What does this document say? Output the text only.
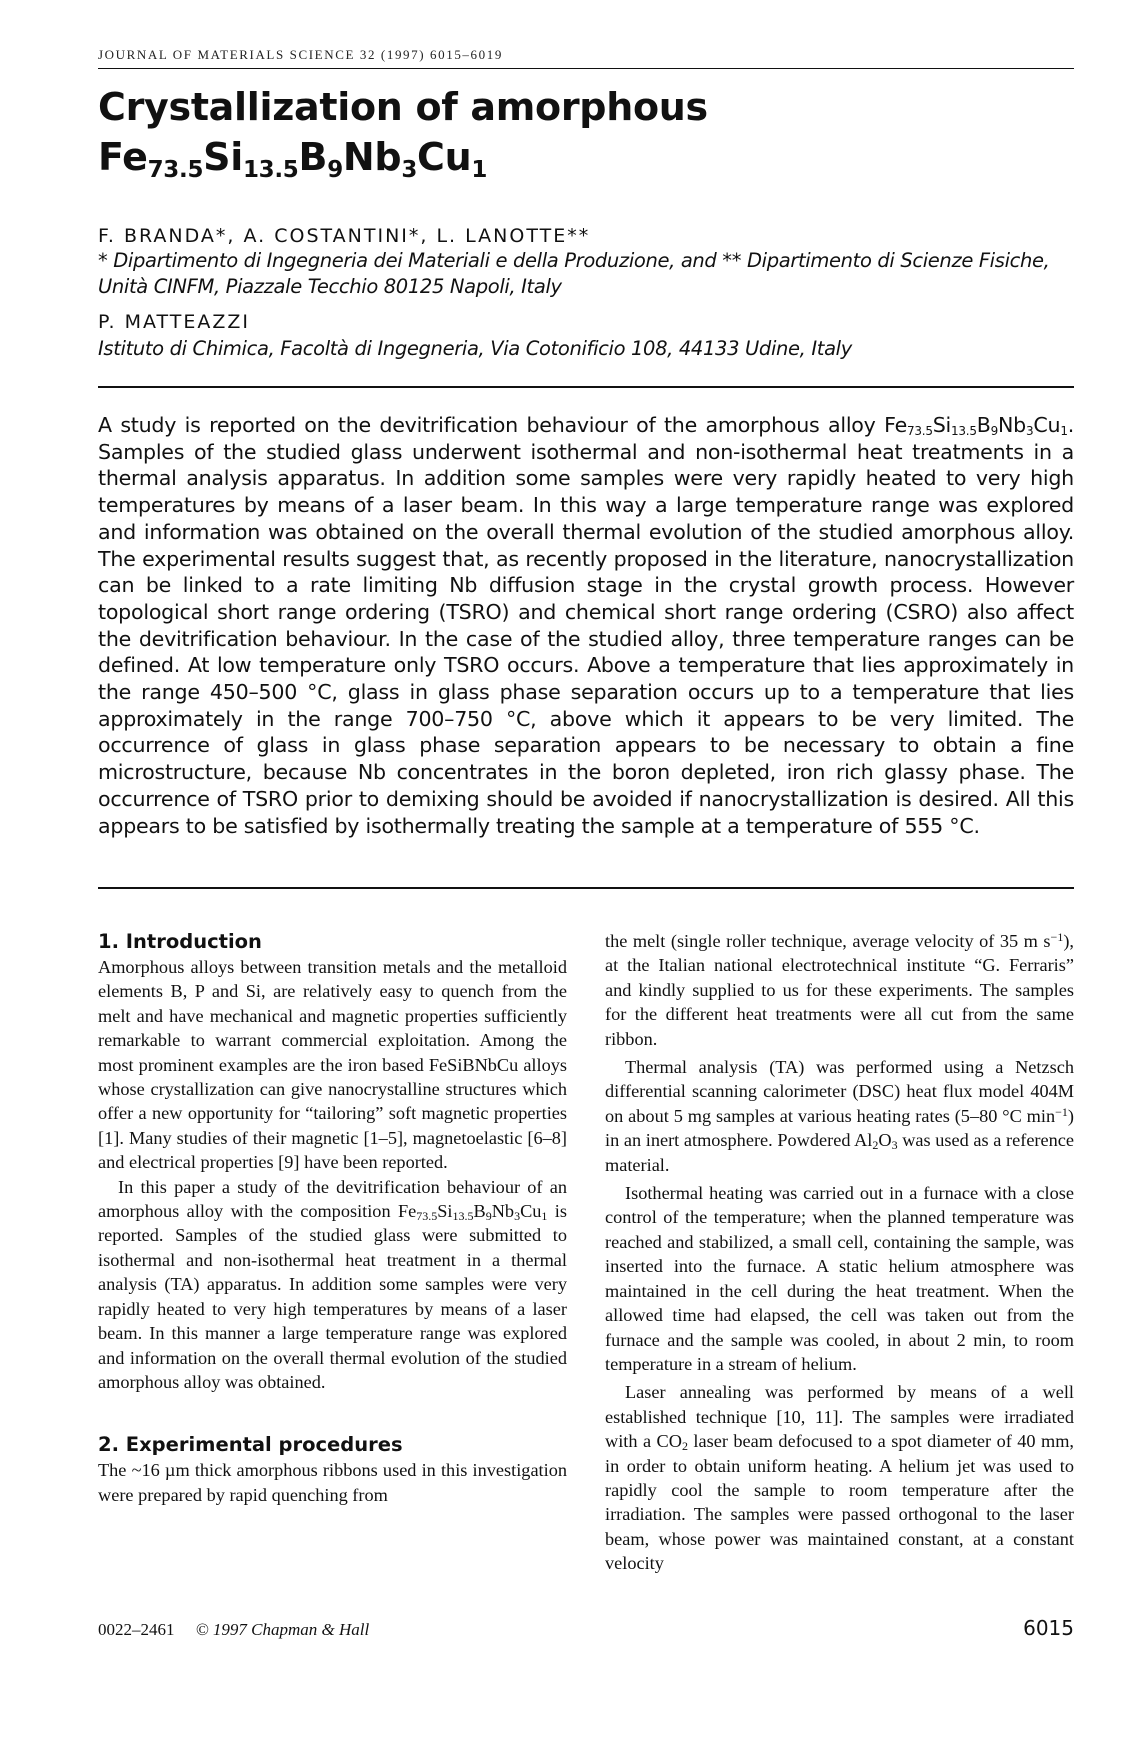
JOURNAL OF MATERIALS SCIENCE 32 (1997) 6015–6019
Crystallization of amorphous
$Fe_{73.5}Si_{13.5}B_9Nb_3Cu_1$
F. BRANDA*, A. COSTANTINI*, L. LANOTTE**
* Dipartimento di Ingegneria dei Materiali e della Produzione, and ** Dipartimento di Scienze Fisiche, Unità CINFM, Piazzale Tecchio 80125 Napoli, Italy
P. MATTEAZZI
Istituto di Chimica, Facoltà di Ingegneria, Via Cotonificio 108, 44133 Udine, Italy
A study is reported on the devitrification behaviour of the amorphous alloy $Fe_{73.5}Si_{13.5}B_9Nb_3Cu_1$. Samples of the studied glass underwent isothermal and non-isothermal heat treatments in a thermal analysis apparatus. In addition some samples were very rapidly heated to very high temperatures by means of a laser beam. In this way a large temperature range was explored and information was obtained on the overall thermal evolution of the studied amorphous alloy. The experimental results suggest that, as recently proposed in the literature, nanocrystallization can be linked to a rate limiting Nb diffusion stage in the crystal growth process. However topological short range ordering (TSRO) and chemical short range ordering (CSRO) also affect the devitrification behaviour. In the case of the studied alloy, three temperature ranges can be defined. At low temperature only TSRO occurs. Above a temperature that lies approximately in the range 450–500 °C, glass in glass phase separation occurs up to a temperature that lies approximately in the range 700–750 °C, above which it appears to be very limited. The occurrence of glass in glass phase separation appears to be necessary to obtain a fine microstructure, because Nb concentrates in the boron depleted, iron rich glassy phase. The occurrence of TSRO prior to demixing should be avoided if nanocrystallization is desired. All this appears to be satisfied by isothermally treating the sample at a temperature of 555 °C.
1. Introduction

Amorphous alloys between transition metals and the metalloid elements B, P and Si, are relatively easy to quench from the melt and have mechanical and magnetic properties sufficiently remarkable to warrant commercial exploitation. Among the most prominent examples are the iron based FeSiBNbCu alloys whose crystallization can give nanocrystalline structures which offer a new opportunity for “tailoring” soft magnetic properties [1]. Many studies of their magnetic [1–5], magnetoelastic [6–8] and electrical properties [9] have been reported.

In this paper a study of the devitrification behaviour of an amorphous alloy with the composition $Fe_{73.5}Si_{13.5}B_9Nb_3Cu_1$ is reported. Samples of the studied glass were submitted to isothermal and non-isothermal heat treatment in a thermal analysis (TA) apparatus. In addition some samples were very rapidly heated to very high temperatures by means of a laser beam. In this manner a large temperature range was explored and information on the overall thermal evolution of the studied amorphous alloy was obtained.

2. Experimental procedures

The ~16 µm thick amorphous ribbons used in this investigation were prepared by rapid quenching from

the melt (single roller technique, average velocity of 35 m $s^{-1}$), at the Italian national electrotechnical institute “G. Ferraris” and kindly supplied to us for these experiments. The samples for the different heat treatments were all cut from the same ribbon.

Thermal analysis (TA) was performed using a Netzsch differential scanning calorimeter (DSC) heat flux model 404M on about 5 mg samples at various heating rates (5–80 °C $\min^{-1}$) in an inert atmosphere. Powdered $Al_2O_3$ was used as a reference material.

Isothermal heating was carried out in a furnace with a close control of the temperature; when the planned temperature was reached and stabilized, a small cell, containing the sample, was inserted into the furnace. A static helium atmosphere was maintained in the cell during the heat treatment. When the allowed time had elapsed, the cell was taken out from the furnace and the sample was cooled, in about 2 min, to room temperature in a stream of helium.

Laser annealing was performed by means of a well established technique [10, 11]. The samples were irradiated with a $CO_2$ laser beam defocused to a spot diameter of 40 mm, in order to obtain uniform heating. A helium jet was used to rapidly cool the sample to room temperature after the irradiation. The samples were passed orthogonal to the laser beam, whose power was maintained constant, at a constant velocity

0022–2461 © 1997 Chapman & Hall	6015
